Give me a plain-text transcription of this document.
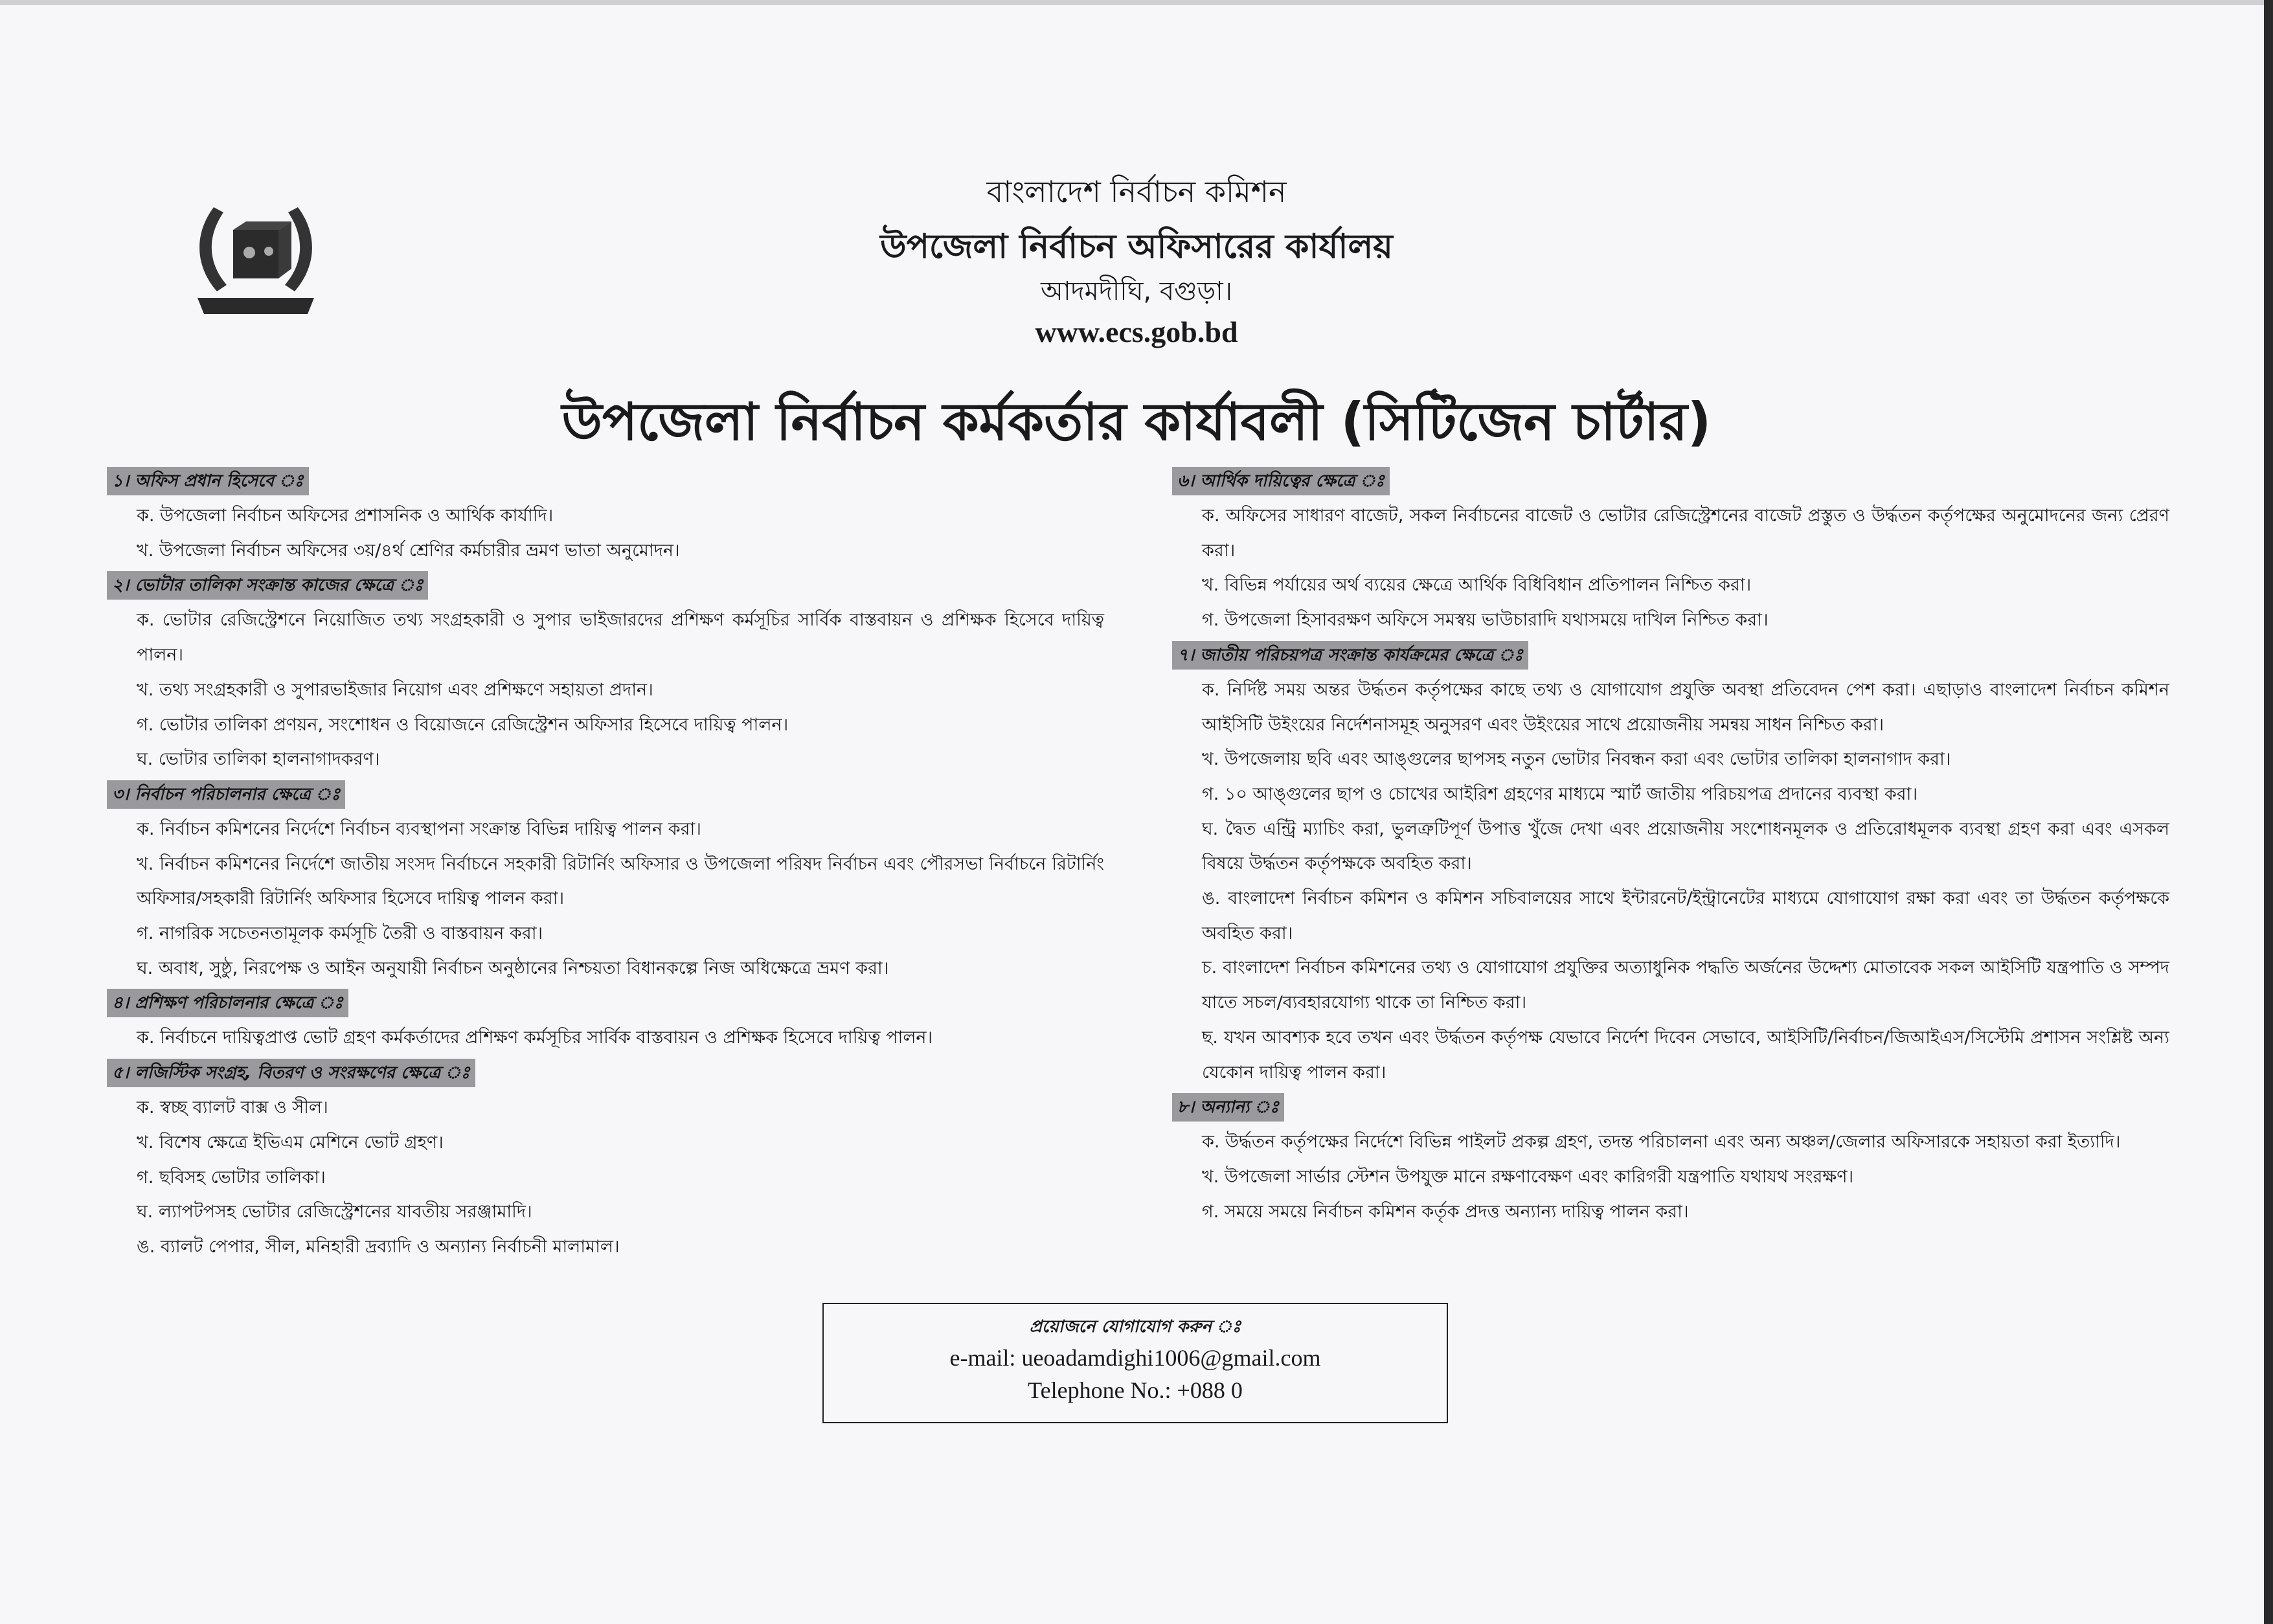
বাংলাদেশ নির্বাচন কমিশন
উপজেলা নির্বাচন অফিসারের কার্যালয়
আদমদীঘি, বগুড়া।
www.ecs.gob.bd
উপজেলা নির্বাচন কর্মকর্তার কার্যাবলী (সিটিজেন চার্টার)
১। অফিস প্রধান হিসেবে ঃ
ক. উপজেলা নির্বাচন অফিসের প্রশাসনিক ও আর্থিক কার্যাদি।
খ. উপজেলা নির্বাচন অফিসের ৩য়/৪র্থ শ্রেণির কর্মচারীর ভ্রমণ ভাতা অনুমোদন।
২। ভোটার তালিকা সংক্রান্ত কাজের ক্ষেত্রে ঃ
ক. ভোটার রেজিস্ট্রেশনে নিয়োজিত তথ্য সংগ্রহকারী ও সুপার ভাইজারদের প্রশিক্ষণ কর্মসূচির সার্বিক বাস্তবায়ন ও প্রশিক্ষক হিসেবে দায়িত্ব পালন।
খ. তথ্য সংগ্রহকারী ও সুপারভাইজার নিয়োগ এবং প্রশিক্ষণে সহায়তা প্রদান।
গ. ভোটার তালিকা প্রণয়ন, সংশোধন ও বিয়োজনে রেজিস্ট্রেশন অফিসার হিসেবে দায়িত্ব পালন।
ঘ. ভোটার তালিকা হালনাগাদকরণ।
৩। নির্বাচন পরিচালনার ক্ষেত্রে ঃ
ক. নির্বাচন কমিশনের নির্দেশে নির্বাচন ব্যবস্থাপনা সংক্রান্ত বিভিন্ন দায়িত্ব পালন করা।
খ. নির্বাচন কমিশনের নির্দেশে জাতীয় সংসদ নির্বাচনে সহকারী রিটার্নিং অফিসার ও উপজেলা পরিষদ নির্বাচন এবং পৌরসভা নির্বাচনে রিটার্নিং অফিসার/সহকারী রিটার্নিং অফিসার হিসেবে দায়িত্ব পালন করা।
গ. নাগরিক সচেতনতামূলক কর্মসূচি তৈরী ও বাস্তবায়ন করা।
ঘ. অবাধ, সুষ্ঠু, নিরপেক্ষ ও আইন অনুযায়ী নির্বাচন অনুষ্ঠানের নিশ্চয়তা বিধানকল্পে নিজ অধিক্ষেত্রে ভ্রমণ করা।
৪। প্রশিক্ষণ পরিচালনার ক্ষেত্রে ঃ
ক. নির্বাচনে দায়িত্বপ্রাপ্ত ভোট গ্রহণ কর্মকর্তাদের প্রশিক্ষণ কর্মসূচির সার্বিক বাস্তবায়ন ও প্রশিক্ষক হিসেবে দায়িত্ব পালন।
৫। লজিস্টিক সংগ্রহ, বিতরণ ও সংরক্ষণের ক্ষেত্রে ঃ
ক. স্বচ্ছ ব্যালট বাক্স ও সীল।
খ. বিশেষ ক্ষেত্রে ইভিএম মেশিনে ভোট গ্রহণ।
গ. ছবিসহ ভোটার তালিকা।
ঘ. ল্যাপটপসহ ভোটার রেজিস্ট্রেশনের যাবতীয় সরঞ্জামাদি।
ঙ. ব্যালট পেপার, সীল, মনিহারী দ্রব্যাদি ও অন্যান্য নির্বাচনী মালামাল।
৬। আর্থিক দায়িত্বের ক্ষেত্রে ঃ
ক. অফিসের সাধারণ বাজেট, সকল নির্বাচনের বাজেট ও ভোটার রেজিস্ট্রেশনের বাজেট প্রস্তুত ও উর্দ্ধতন কর্তৃপক্ষের অনুমোদনের জন্য প্রেরণ করা।
খ. বিভিন্ন পর্যায়ের অর্থ ব্যয়ের ক্ষেত্রে আর্থিক বিধিবিধান প্রতিপালন নিশ্চিত করা।
গ. উপজেলা হিসাবরক্ষণ অফিসে সমস্বয় ভাউচারাদি যথাসময়ে দাখিল নিশ্চিত করা।
৭। জাতীয় পরিচয়পত্র সংক্রান্ত কার্যক্রমের ক্ষেত্রে ঃ
ক. নির্দিষ্ট সময় অন্তর উর্দ্ধতন কর্তৃপক্ষের কাছে তথ্য ও যোগাযোগ প্রযুক্তি অবস্থা প্রতিবেদন পেশ করা। এছাড়াও বাংলাদেশ নির্বাচন কমিশন আইসিটি উইংয়ের নির্দেশনাসমূহ অনুসরণ এবং উইংয়ের সাথে প্রয়োজনীয় সমন্বয় সাধন নিশ্চিত করা।
খ. উপজেলায় ছবি এবং আঙ্গুলের ছাপসহ নতুন ভোটার নিবন্ধন করা এবং ভোটার তালিকা হালনাগাদ করা।
গ. ১০ আঙ্গুলের ছাপ ও চোখের আইরিশ গ্রহণের মাধ্যমে স্মার্ট জাতীয় পরিচয়পত্র প্রদানের ব্যবস্থা করা।
ঘ. দ্বৈত এন্ট্রি ম্যাচিং করা, ভুলত্রুটিপূর্ণ উপাত্ত খুঁজে দেখা এবং প্রয়োজনীয় সংশোধনমূলক ও প্রতিরোধমূলক ব্যবস্থা গ্রহণ করা এবং এসকল বিষয়ে উর্দ্ধতন কর্তৃপক্ষকে অবহিত করা।
ঙ. বাংলাদেশ নির্বাচন কমিশন ও কমিশন সচিবালয়ের সাথে ইন্টারনেট/ইন্ট্রানেটের মাধ্যমে যোগাযোগ রক্ষা করা এবং তা উর্দ্ধতন কর্তৃপক্ষকে অবহিত করা।
চ. বাংলাদেশ নির্বাচন কমিশনের তথ্য ও যোগাযোগ প্রযুক্তির অত্যাধুনিক পদ্ধতি অর্জনের উদ্দেশ্য মোতাবেক সকল আইসিটি যন্ত্রপাতি ও সম্পদ যাতে সচল/ব্যবহারযোগ্য থাকে তা নিশ্চিত করা।
ছ. যখন আবশ্যক হবে তখন এবং উর্দ্ধতন কর্তৃপক্ষ যেভাবে নির্দেশ দিবেন সেভাবে, আইসিটি/নির্বাচন/জিআইএস/সিস্টেমি প্রশাসন সংশ্লিষ্ট অন্য যেকোন দায়িত্ব পালন করা।
৮। অন্যান্য ঃ
ক. উর্দ্ধতন কর্তৃপক্ষের নির্দেশে বিভিন্ন পাইলট প্রকল্প গ্রহণ, তদন্ত পরিচালনা এবং অন্য অঞ্চল/জেলার অফিসারকে সহায়তা করা ইত্যাদি।
খ. উপজেলা সার্ভার স্টেশন উপযুক্ত মানে রক্ষণাবেক্ষণ এবং কারিগরী যন্ত্রপাতি যথাযথ সংরক্ষণ।
গ. সময়ে সময়ে নির্বাচন কমিশন কর্তৃক প্রদত্ত অন্যান্য দায়িত্ব পালন করা।
প্রয়োজনে যোগাযোগ করুন ঃ
e-mail: ueoadamdighi1006@gmail.com
Telephone No.: +088 0
